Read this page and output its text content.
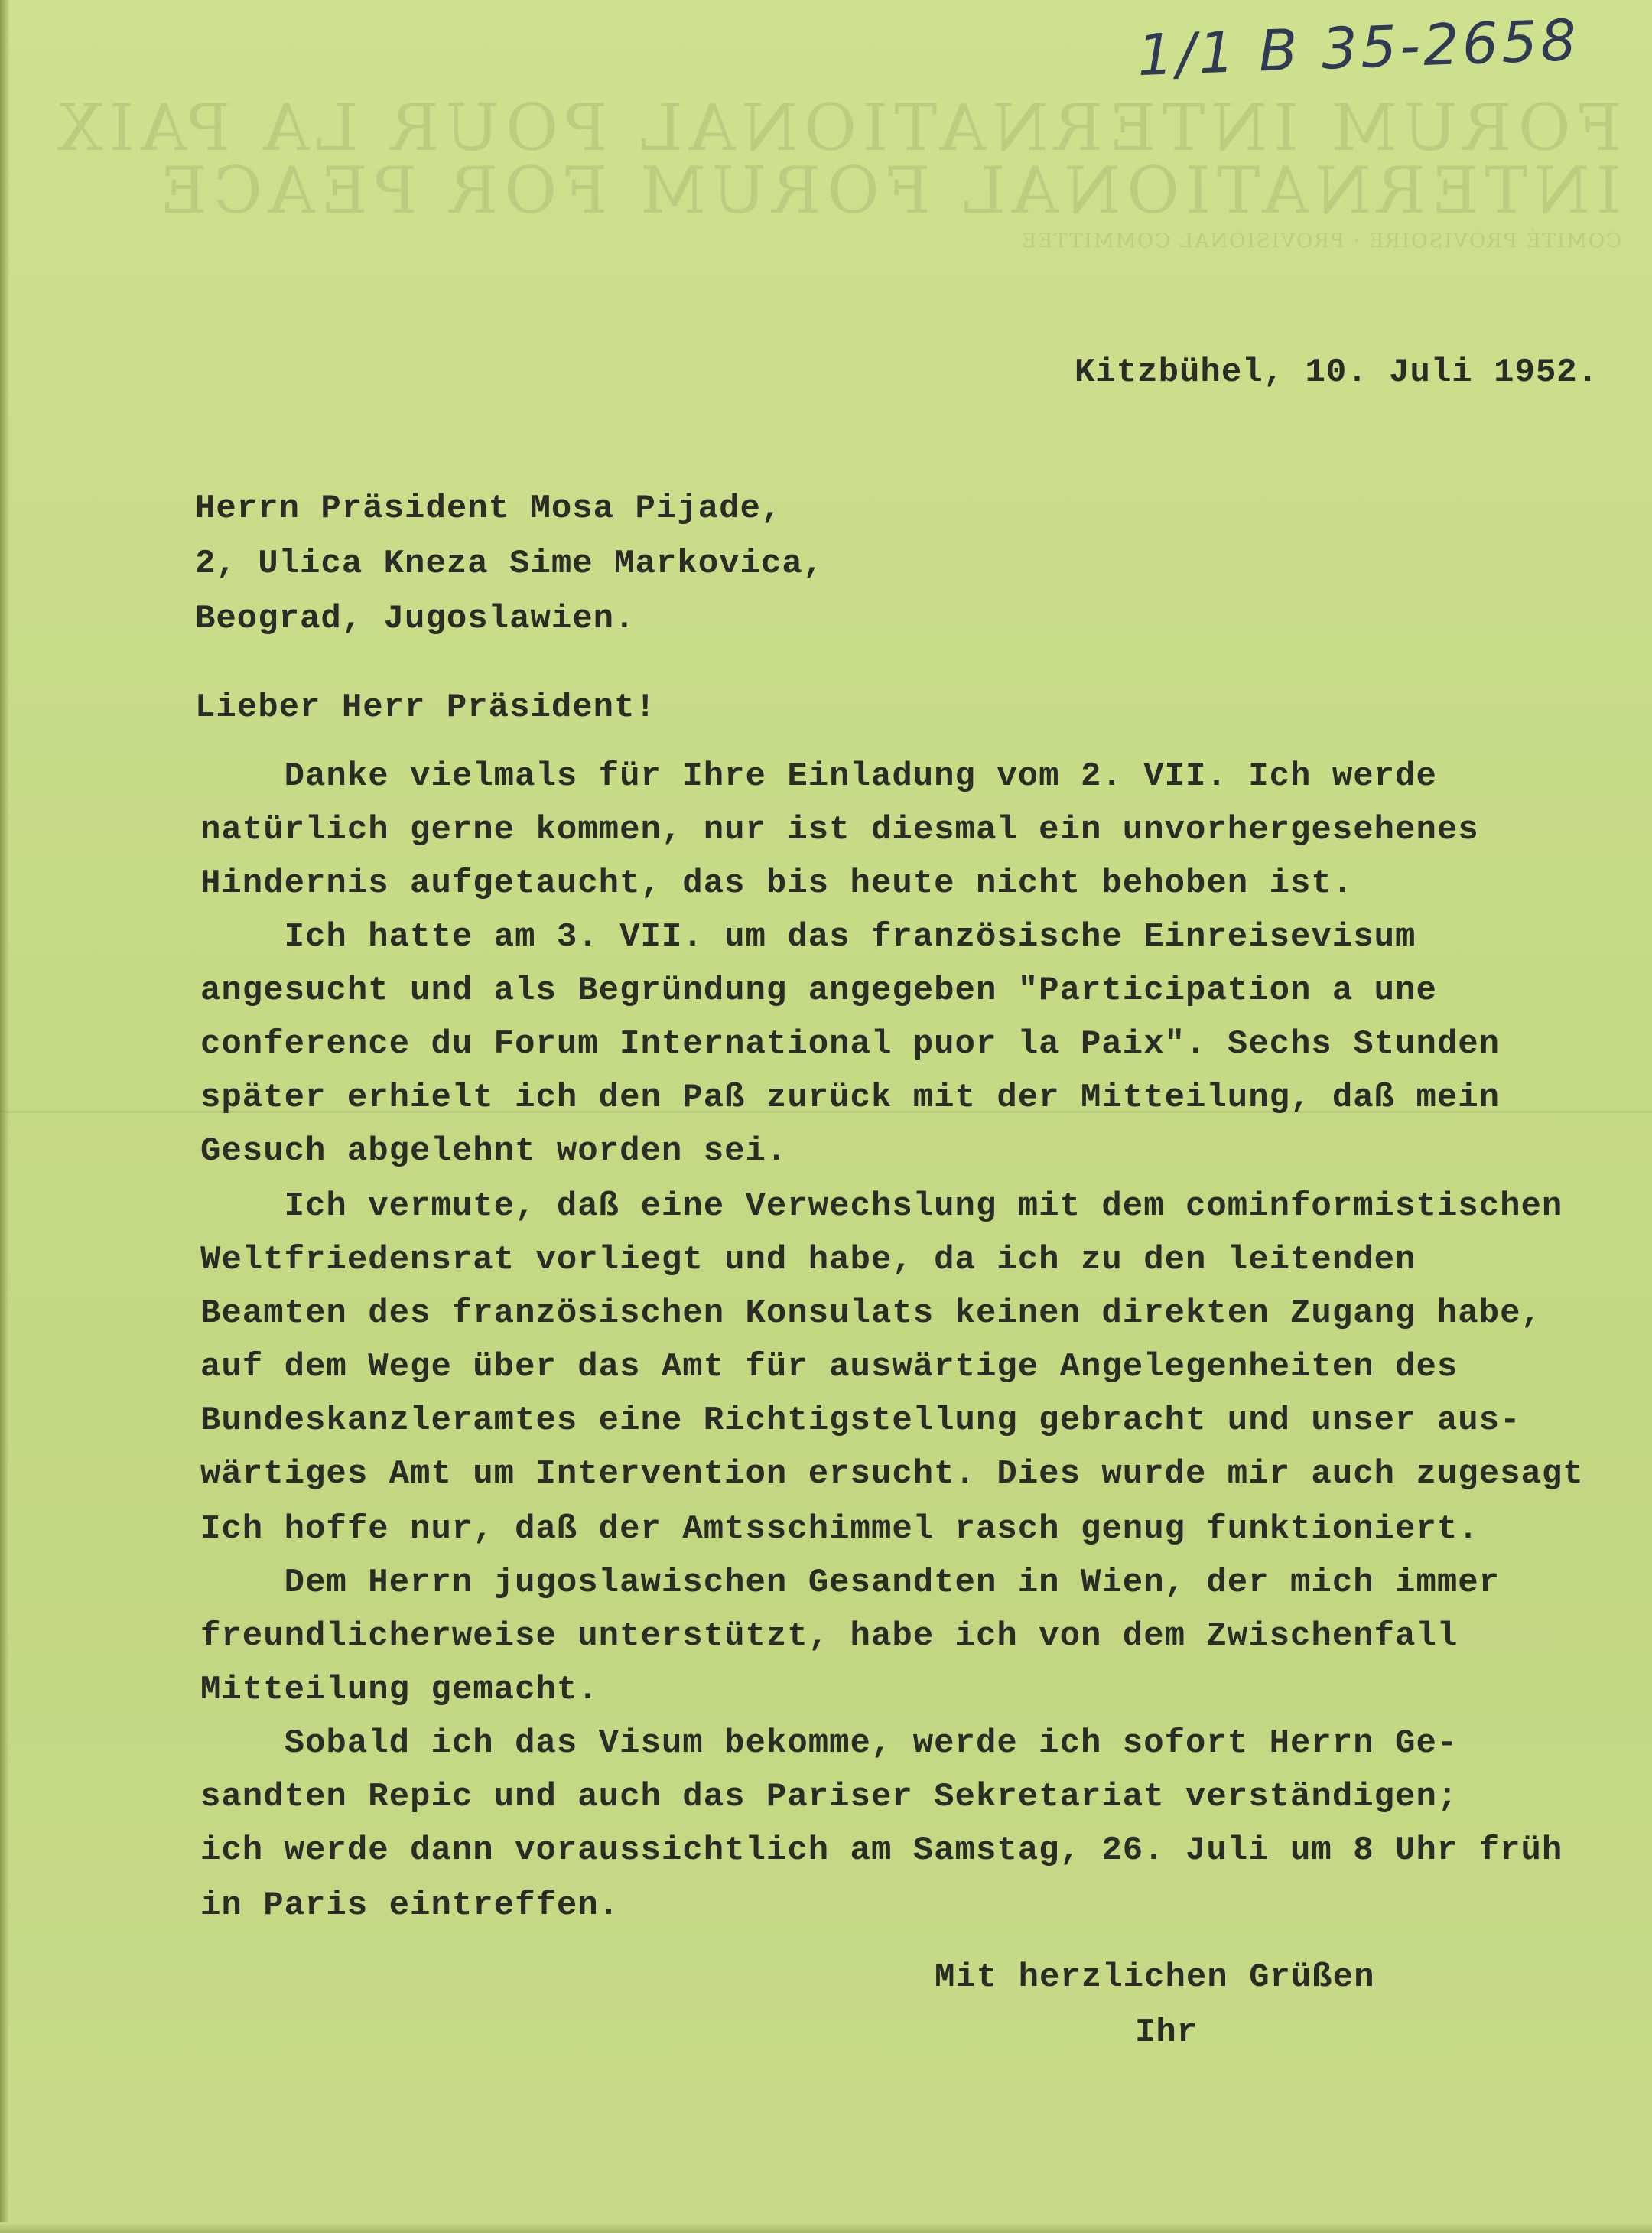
FORUM INTERNATIONAL POUR LA PAIX
INTERNATIONAL FORUM FOR PEACE
COMITÉ PROVISOIRE · PROVISIONAL COMMITTEE
1/1 B 35-2658
Kitzbühel, 10. Juli 1952.
Herrn Präsident Mosa Pijade,
2, Ulica Kneza Sime Markovica,
Beograd, Jugoslawien.
Lieber Herr Präsident!
Danke vielmals für Ihre Einladung vom 2. VII. Ich werde
natürlich gerne kommen, nur ist diesmal ein unvorhergesehenes
Hindernis aufgetaucht, das bis heute nicht behoben ist.
Ich hatte am 3. VII. um das französische Einreisevisum
angesucht und als Begründung angegeben "Participation a une
conference du Forum International puor la Paix". Sechs Stunden
später erhielt ich den Paß zurück mit der Mitteilung, daß mein
Gesuch abgelehnt worden sei.
Ich vermute, daß eine Verwechslung mit dem cominformistischen
Weltfriedensrat vorliegt und habe, da ich zu den leitenden
Beamten des französischen Konsulats keinen direkten Zugang habe,
auf dem Wege über das Amt für auswärtige Angelegenheiten des
Bundeskanzleramtes eine Richtigstellung gebracht und unser aus-
wärtiges Amt um Intervention ersucht. Dies wurde mir auch zugesagt
Ich hoffe nur, daß der Amtsschimmel rasch genug funktioniert.
Dem Herrn jugoslawischen Gesandten in Wien, der mich immer
freundlicherweise unterstützt, habe ich von dem Zwischenfall
Mitteilung gemacht.
Sobald ich das Visum bekomme, werde ich sofort Herrn Ge-
sandten Repic und auch das Pariser Sekretariat verständigen;
ich werde dann voraussichtlich am Samstag, 26. Juli um 8 Uhr früh
in Paris eintreffen.
Mit herzlichen Grüßen
Ihr
